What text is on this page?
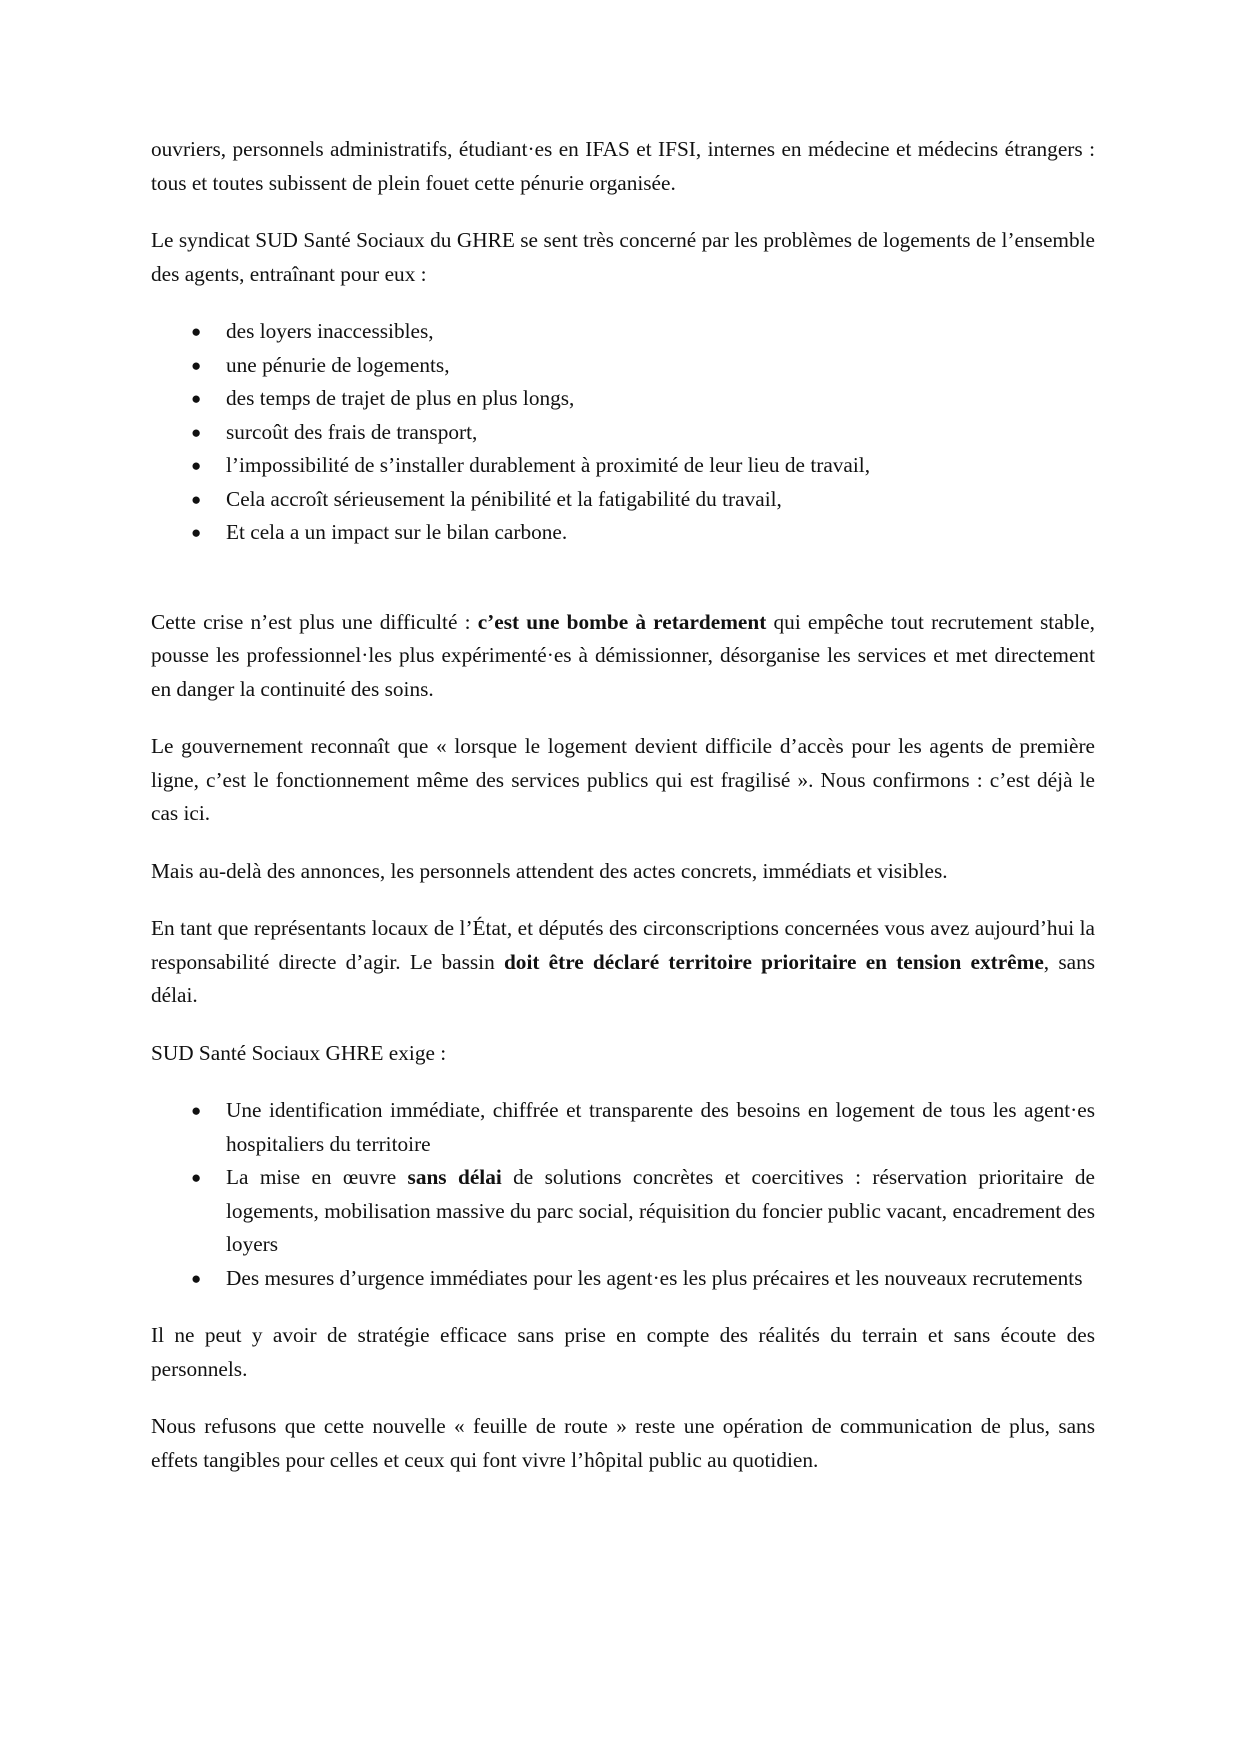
ouvriers, personnels administratifs, étudiant·es en IFAS et IFSI, internes en médecine et médecins étrangers : tous et toutes subissent de plein fouet cette pénurie organisée.

Le syndicat SUD Santé Sociaux du GHRE se sent très concerné par les problèmes de logements de l’ensemble des agents, entraînant pour eux :

● des loyers inaccessibles,
● une pénurie de logements,
● des temps de trajet de plus en plus longs,
● surcoût des frais de transport,
● l’impossibilité de s’installer durablement à proximité de leur lieu de travail,
● Cela accroît sérieusement la pénibilité et la fatigabilité du travail,
● Et cela a un impact sur le bilan carbone.

Cette crise n’est plus une difficulté : c’est une bombe à retardement qui empêche tout recrutement stable, pousse les professionnel·les plus expérimenté·es à démissionner, désorganise les services et met directement en danger la continuité des soins.

Le gouvernement reconnaît que « lorsque le logement devient difficile d’accès pour les agents de première ligne, c’est le fonctionnement même des services publics qui est fragilisé ». Nous confirmons : c’est déjà le cas ici.

Mais au-delà des annonces, les personnels attendent des actes concrets, immédiats et visibles.

En tant que représentants locaux de l’État, et députés des circonscriptions concernées vous avez aujourd’hui la responsabilité directe d’agir. Le bassin doit être déclaré territoire prioritaire en tension extrême, sans délai.

SUD Santé Sociaux GHRE exige :

● Une identification immédiate, chiffrée et transparente des besoins en logement de tous les agent·es hospitaliers du territoire
● La mise en œuvre sans délai de solutions concrètes et coercitives : réservation prioritaire de logements, mobilisation massive du parc social, réquisition du foncier public vacant, encadrement des loyers
● Des mesures d’urgence immédiates pour les agent·es les plus précaires et les nouveaux recrutements

Il ne peut y avoir de stratégie efficace sans prise en compte des réalités du terrain et sans écoute des personnels.

Nous refusons que cette nouvelle « feuille de route » reste une opération de communication de plus, sans effets tangibles pour celles et ceux qui font vivre l’hôpital public au quotidien.
